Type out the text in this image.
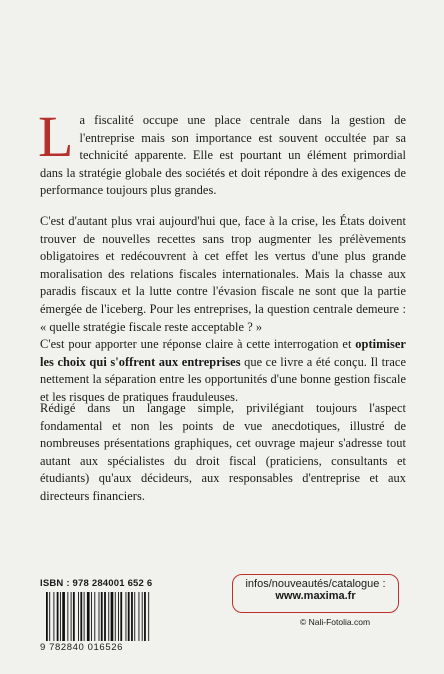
La fiscalité occupe une place centrale dans la gestion de l'entreprise mais son importance est souvent occultée par sa technicité apparente. Elle est pourtant un élément primordial dans la stratégie globale des sociétés et doit répondre à des exigences de performance toujours plus grandes.
C'est d'autant plus vrai aujourd'hui que, face à la crise, les États doivent trouver de nouvelles recettes sans trop augmenter les prélèvements obligatoires et redécouvrent à cet effet les vertus d'une plus grande moralisation des relations fiscales internationales. Mais la chasse aux paradis fiscaux et la lutte contre l'évasion fiscale ne sont que la partie émergée de l'iceberg. Pour les entreprises, la question centrale demeure : « quelle stratégie fiscale reste acceptable ? »
C'est pour apporter une réponse claire à cette interrogation et optimiser les choix qui s'offrent aux entreprises que ce livre a été conçu. Il trace nettement la séparation entre les opportunités d'une bonne gestion fiscale et les risques de pratiques frauduleuses.
Rédigé dans un langage simple, privilégiant toujours l'aspect fondamental et non les points de vue anecdotiques, illustré de nombreuses présentations graphiques, cet ouvrage majeur s'adresse tout autant aux spécialistes du droit fiscal (praticiens, consultants et étudiants) qu'aux décideurs, aux responsables d'entreprise et aux directeurs financiers.
ISBN : 978 284001 652 6
9 782840 016526
infos/nouveautés/catalogue :
www.maxima.fr
© Nali-Fotolia.com
